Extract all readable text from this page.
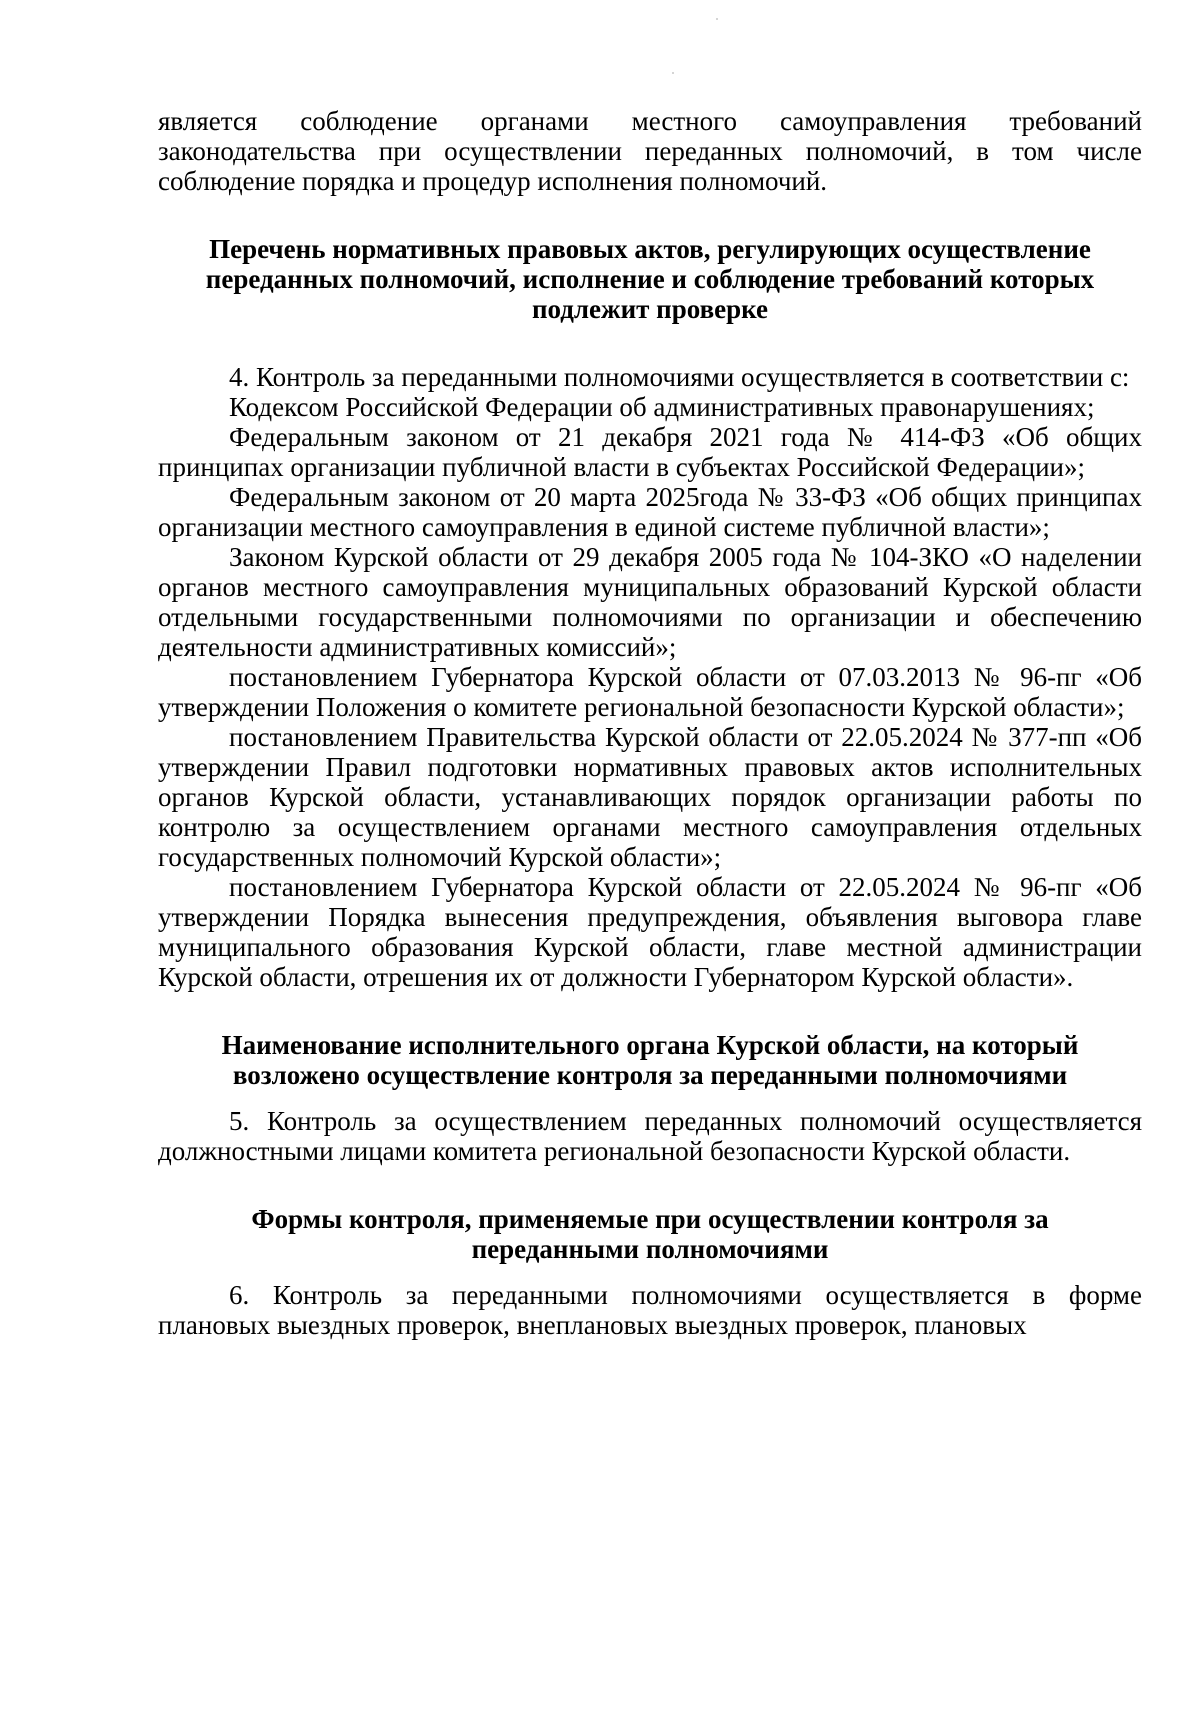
является соблюдение органами местного самоуправления требований законодательства при осуществлении переданных полномочий, в том числе соблюдение порядка и процедур исполнения полномочий.

Перечень нормативных правовых актов, регулирующих осуществление переданных полномочий, исполнение и соблюдение требований которых подлежит проверке

4. Контроль за переданными полномочиями осуществляется в соответствии с:

Кодексом Российской Федерации об административных правонарушениях;

Федеральным законом от 21 декабря 2021 года № 414-ФЗ «Об общих принципах организации публичной власти в субъектах Российской Федерации»;

Федеральным законом от 20 марта 2025года № 33-ФЗ «Об общих принципах организации местного самоуправления в единой системе публичной власти»;

Законом Курской области от 29 декабря 2005 года № 104-ЗКО «О наделении органов местного самоуправления муниципальных образований Курской области отдельными государственными полномочиями по организации и обеспечению деятельности административных комиссий»;

постановлением Губернатора Курской области от 07.03.2013 № 96-пг «Об утверждении Положения о комитете региональной безопасности Курской области»;

постановлением Правительства Курской области от 22.05.2024 № 377-пп «Об утверждении Правил подготовки нормативных правовых актов исполнительных органов Курской области, устанавливающих порядок организации работы по контролю за осуществлением органами местного самоуправления отдельных государственных полномочий Курской области»;

постановлением Губернатора Курской области от 22.05.2024 № 96-пг «Об утверждении Порядка вынесения предупреждения, объявления выговора главе муниципального образования Курской области, главе местной администрации Курской области, отрешения их от должности Губернатором Курской области».

Наименование исполнительного органа Курской области, на который возложено осуществление контроля за переданными полномочиями

5. Контроль за осуществлением переданных полномочий осуществляется должностными лицами комитета региональной безопасности Курской области.

Формы контроля, применяемые при осуществлении контроля за переданными полномочиями

6. Контроль за переданными полномочиями осуществляется в форме плановых выездных проверок, внеплановых выездных проверок, плановых
